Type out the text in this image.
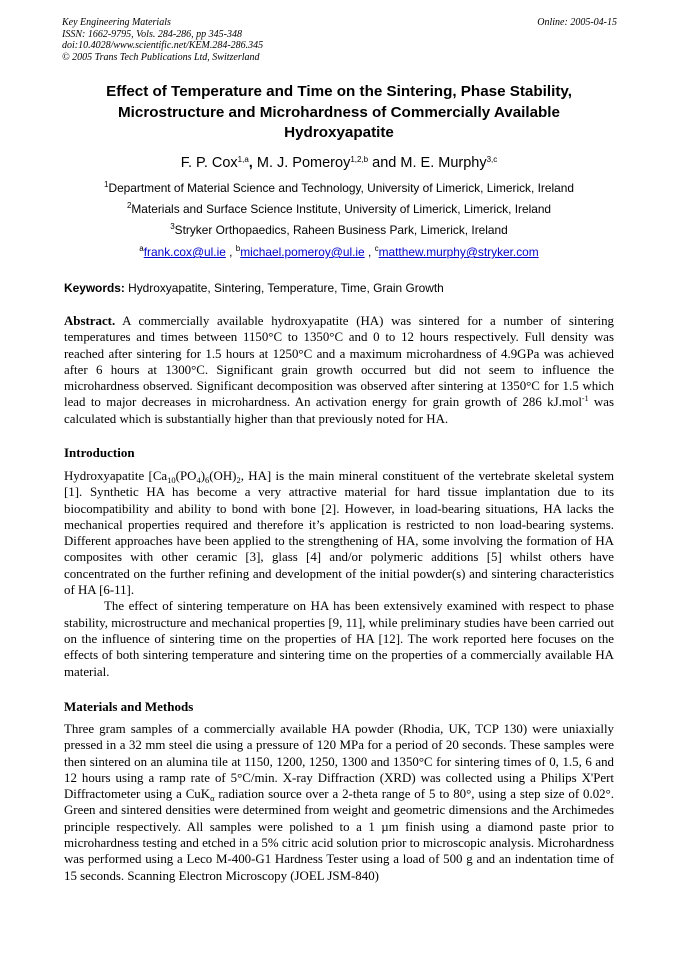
Key Engineering Materials
ISSN: 1662-9795, Vols. 284-286, pp 345-348
doi:10.4028/www.scientific.net/KEM.284-286.345
© 2005 Trans Tech Publications Ltd, Switzerland
Online: 2005-04-15
Effect of Temperature and Time on the Sintering, Phase Stability, Microstructure and Microhardness of Commercially Available Hydroxyapatite
F. P. Cox$^{1,a}$, M. J. Pomeroy$^{1,2,b}$ and M. E. Murphy$^{3,c}$
$^1$Department of Material Science and Technology, University of Limerick, Limerick, Ireland
$^2$Materials and Surface Science Institute, University of Limerick, Limerick, Ireland
$^3$Stryker Orthopaedics, Raheen Business Park, Limerick, Ireland
$^a$frank.cox@ul.ie , $^b$michael.pomeroy@ul.ie , $^c$matthew.murphy@stryker.com
Keywords: Hydroxyapatite, Sintering, Temperature, Time, Grain Growth

Abstract. A commercially available hydroxyapatite (HA) was sintered for a number of sintering temperatures and times between 1150°C to 1350°C and 0 to 12 hours respectively. Full density was reached after sintering for 1.5 hours at 1250°C and a maximum microhardness of 4.9GPa was achieved after 6 hours at 1300°C. Significant grain growth occurred but did not seem to influence the microhardness observed. Significant decomposition was observed after sintering at 1350°C for 1.5 which lead to major decreases in microhardness. An activation energy for grain growth of 286 kJ.mol$^{-1}$ was calculated which is substantially higher than that previously noted for HA.

Introduction

Hydroxyapatite [$Ca_{10}(PO_4)_6(OH)_2$, HA] is the main mineral constituent of the vertebrate skeletal system [1]. Synthetic HA has become a very attractive material for hard tissue implantation due to its biocompatibility and ability to bond with bone [2]. However, in load-bearing situations, HA lacks the mechanical properties required and therefore it’s application is restricted to non load-bearing systems. Different approaches have been applied to the strengthening of HA, some involving the formation of HA composites with other ceramic [3], glass [4] and/or polymeric additions [5] whilst others have concentrated on the further refining and development of the initial powder(s) and sintering characteristics of HA [6-11].

The effect of sintering temperature on HA has been extensively examined with respect to phase stability, microstructure and mechanical properties [9, 11], while preliminary studies have been carried out on the influence of sintering time on the properties of HA [12]. The work reported here focuses on the effects of both sintering temperature and sintering time on the properties of a commercially available HA material.

Materials and Methods

Three gram samples of a commercially available HA powder (Rhodia, UK, TCP 130) were uniaxially pressed in a 32 mm steel die using a pressure of 120 MPa for a period of 20 seconds. These samples were then sintered on an alumina tile at 1150, 1200, 1250, 1300 and 1350°C for sintering times of 0, 1.5, 6 and 12 hours using a ramp rate of 5°C/min. X-ray Diffraction (XRD) was collected using a Philips X'Pert Diffractometer using a CuK$_\alpha$ radiation source over a 2-theta range of 5 to 80°, using a step size of 0.02°. Green and sintered densities were determined from weight and geometric dimensions and the Archimedes principle respectively. All samples were polished to a 1 µm finish using a diamond paste prior to microhardness testing and etched in a 5% citric acid solution prior to microscopic analysis. Microhardness was performed using a Leco M-400-G1 Hardness Tester using a load of 500 g and an indentation time of 15 seconds. Scanning Electron Microscopy (JOEL JSM-840)
